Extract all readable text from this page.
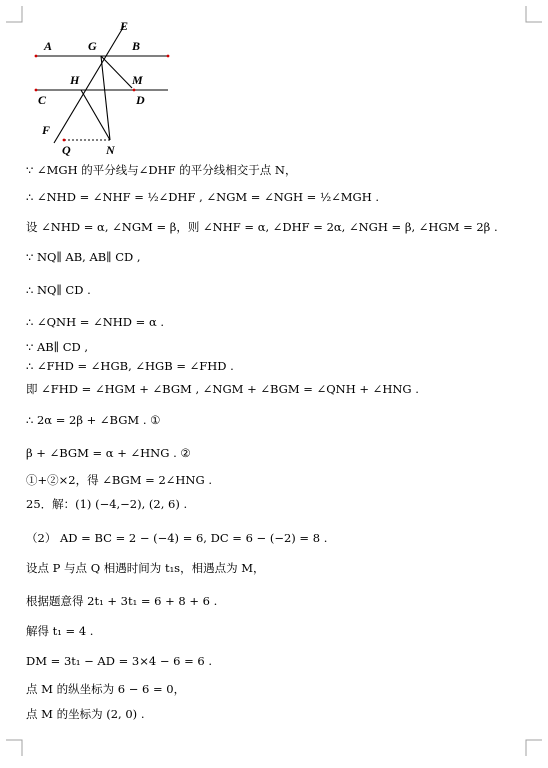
E
A	G	B
H	M
C	D
F
Q	N
∵ ∠MGH 的平分线与∠DHF 的平分线相交于点 N，
∴ ∠NHD = ∠NHF = ½∠DHF , ∠NGM = ∠NGH = ½∠MGH .
设 ∠NHD = α, ∠NGM = β，则 ∠NHF = α, ∠DHF = 2α, ∠NGH = β, ∠HGM = 2β .
∵ NQ∥ AB, AB∥ CD ,
∴ NQ∥ CD .
∴ ∠QNH = ∠NHD = α .
∵ AB∥ CD ,
∴ ∠FHD = ∠HGB, ∠HGB = ∠FHD .
即 ∠FHD = ∠HGM + ∠BGM , ∠NGM + ∠BGM = ∠QNH + ∠HNG .
∴ 2α = 2β + ∠BGM . ①
β + ∠BGM = α + ∠HNG . ②
①+②×2，得 ∠BGM = 2∠HNG .
25．解：(1) (−4,−2), (2, 6) .
（2） AD = BC = 2 − (−4) = 6, DC = 6 − (−2) = 8 .
设点 P 与点 Q 相遇时间为 t₁s，相遇点为 M，
根据题意得 2t₁ + 3t₁ = 6 + 8 + 6 .
解得 t₁ = 4 .
DM = 3t₁ − AD = 3×4 − 6 = 6 .
点 M 的纵坐标为 6 − 6 = 0，
点 M 的坐标为 (2, 0) .
